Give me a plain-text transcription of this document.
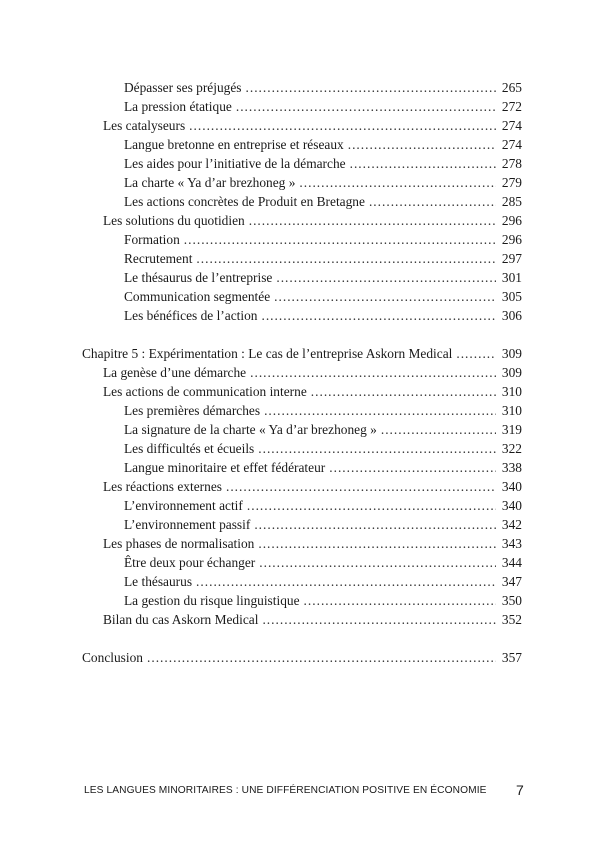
Dépasser ses préjugés .....	265
La pression étatique .....	272
Les catalyseurs .....	274
Langue bretonne en entreprise et réseaux .....	274
Les aides pour l’initiative de la démarche .....	278
La charte « Ya d’ar brezhoneg » .....	279
Les actions concrètes de Produit en Bretagne .....	285
Les solutions du quotidien .....	296
Formation .....	296
Recrutement .....	297
Le thésaurus de l’entreprise .....	301
Communication segmentée .....	305
Les bénéfices de l’action .....	306
Chapitre 5 : Expérimentation : Le cas de l’entreprise Askorn Medical .....	309
La genèse d’une démarche .....	309
Les actions de communication interne .....	310
Les premières démarches .....	310
La signature de la charte « Ya d’ar brezhoneg » .....	319
Les difficultés et écueils .....	322
Langue minoritaire et effet fédérateur .....	338
Les réactions externes .....	340
L’environnement actif .....	340
L’environnement passif .....	342
Les phases de normalisation .....	343
Être deux pour échanger .....	344
Le thésaurus .....	347
La gestion du risque linguistique .....	350
Bilan du cas Askorn Medical .....	352
Conclusion .....	357
LES LANGUES MINORITAIRES : UNE DIFFÉRENCIATION POSITIVE EN ÉCONOMIE 7
